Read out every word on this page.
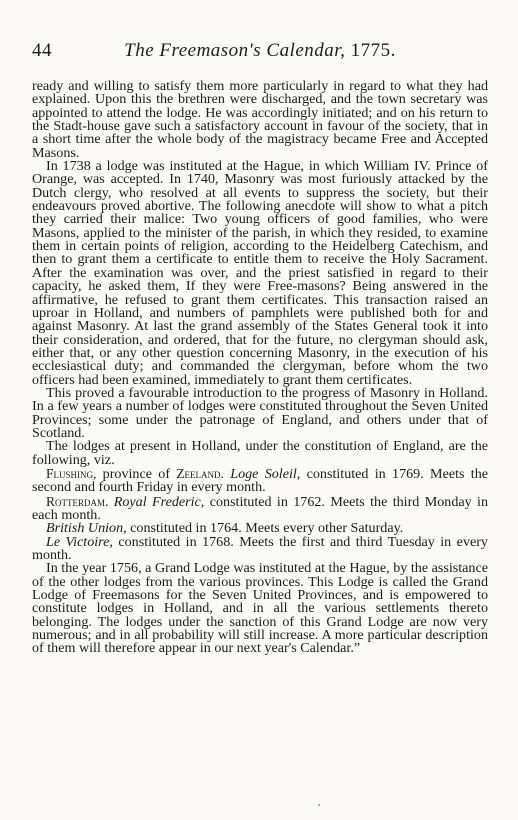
44	The Freemason's Calendar, 1775.

ready and willing to satisfy them more particularly in regard to what they had explained. Upon this the brethren were discharged, and the town secretary was appointed to attend the lodge. He was accordingly initiated; and on his return to the Stadt-house gave such a satisfactory account in favour of the society, that in a short time after the whole body of the magistracy became Free and Accepted Masons.

In 1738 a lodge was instituted at the Hague, in which William IV. Prince of Orange, was accepted. In 1740, Masonry was most furiously attacked by the Dutch clergy, who resolved at all events to suppress the society, but their endeavours proved abortive. The following anecdote will show to what a pitch they carried their malice: Two young officers of good families, who were Masons, applied to the minister of the parish, in which they resided, to examine them in certain points of religion, according to the Heidelberg Catechism, and then to grant them a certificate to entitle them to receive the Holy Sacrament. After the examination was over, and the priest satisfied in regard to their capacity, he asked them, If they were Free-masons? Being answered in the affirmative, he refused to grant them certificates. This transaction raised an uproar in Holland, and numbers of pamphlets were published both for and against Masonry. At last the grand assembly of the States General took it into their consideration, and ordered, that for the future, no clergyman should ask, either that, or any other question concerning Masonry, in the execution of his ecclesiastical duty; and commanded the clergyman, before whom the two officers had been examined, immediately to grant them certificates.

This proved a favourable introduction to the progress of Masonry in Holland. In a few years a number of lodges were constituted throughout the Seven United Provinces; some under the patronage of England, and others under that of Scotland.

The lodges at present in Holland, under the constitution of England, are the following, viz.

Flushing, province of Zeeland. Loge Soleil, constituted in 1769. Meets the second and fourth Friday in every month.

Rotterdam. Royal Frederic, constituted in 1762. Meets the third Monday in each month.

British Union, constituted in 1764. Meets every other Saturday.

Le Victoire, constituted in 1768. Meets the first and third Tuesday in every month.

In the year 1756, a Grand Lodge was instituted at the Hague, by the assistance of the other lodges from the various provinces. This Lodge is called the Grand Lodge of Freemasons for the Seven United Provinces, and is empowered to constitute lodges in Holland, and in all the various settlements thereto belonging. The lodges under the sanction of this Grand Lodge are now very numerous; and in all probability will still increase. A more particular description of them will therefore appear in our next year's Calendar.”
